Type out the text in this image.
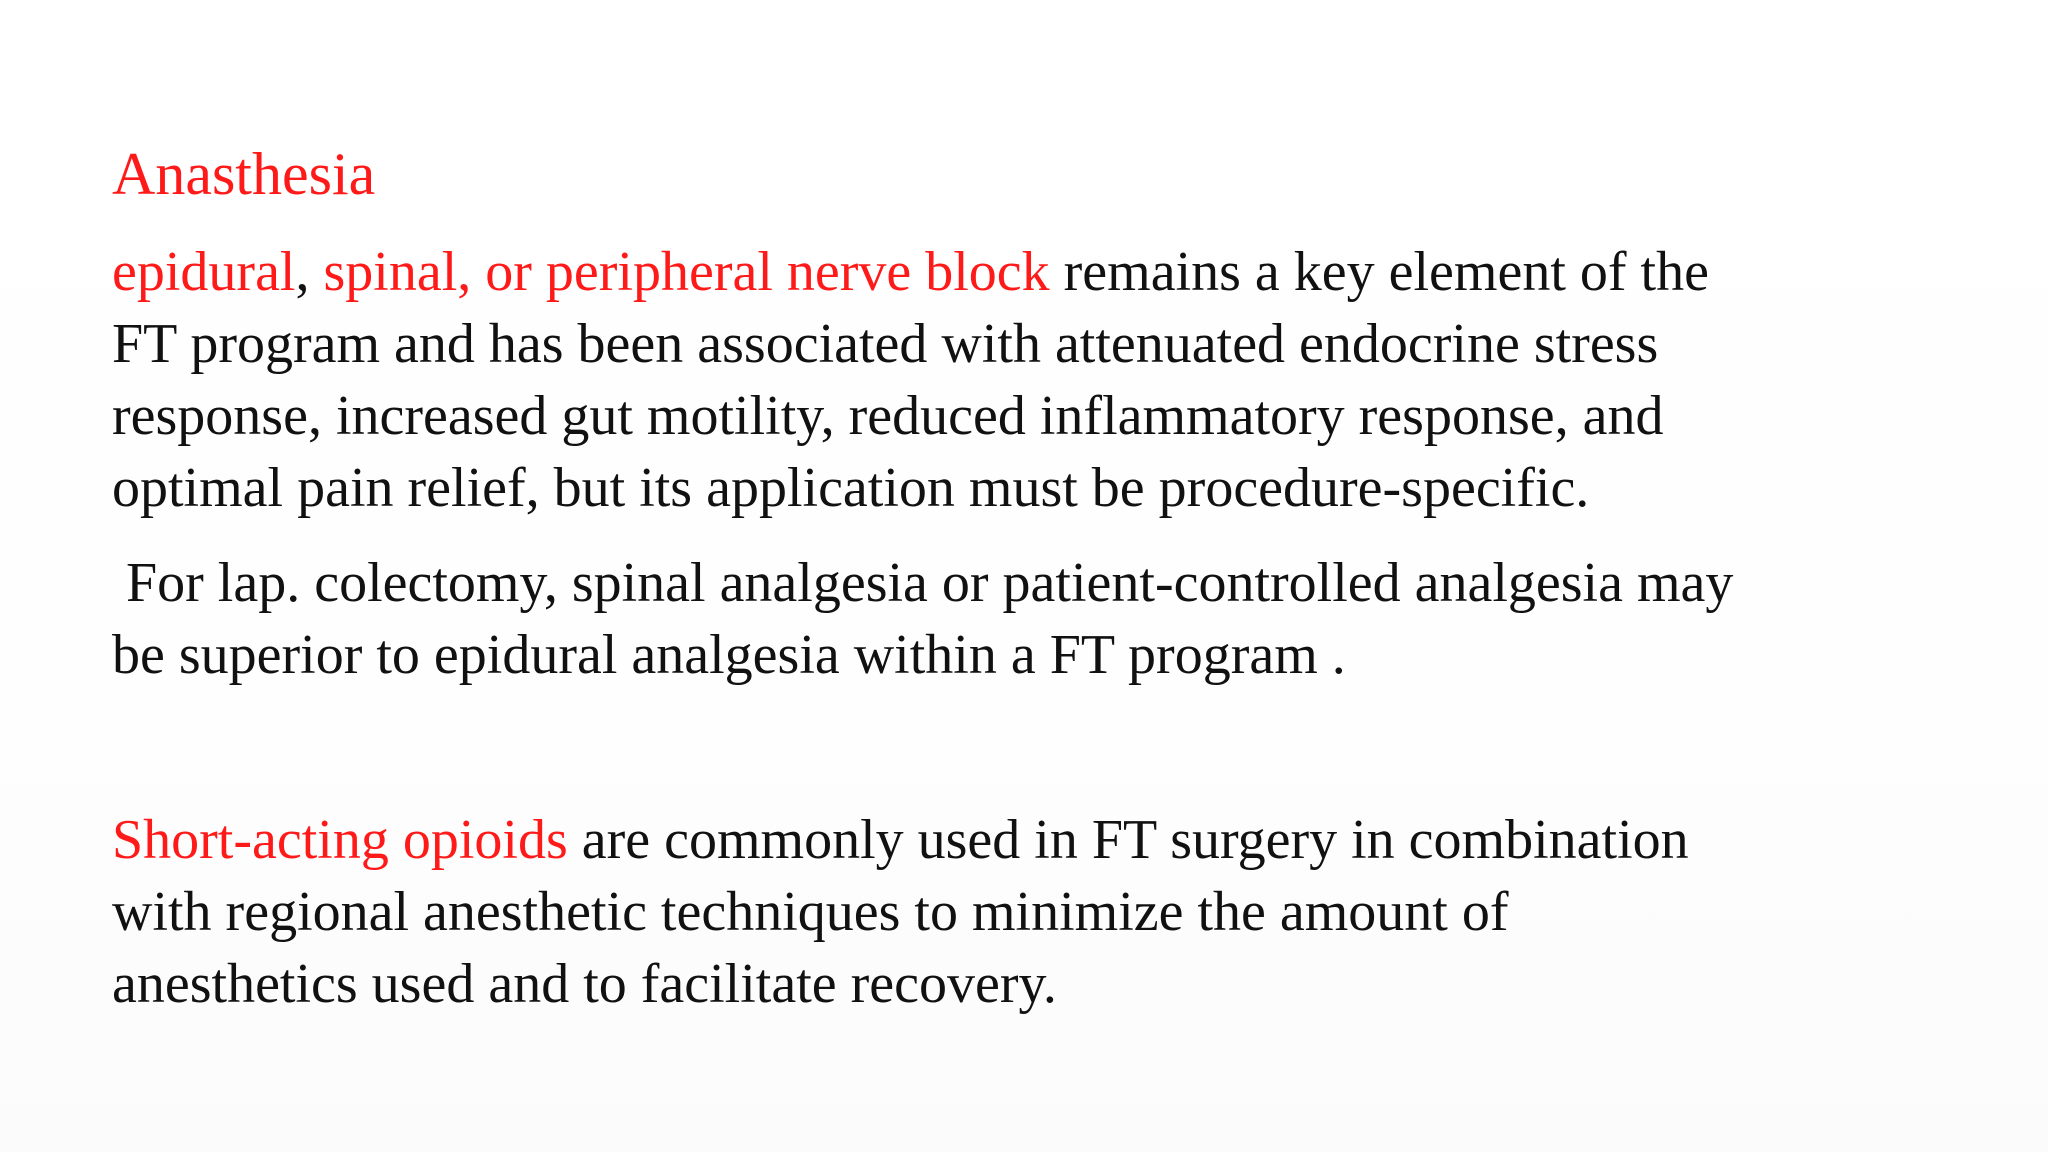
Anasthesia

epidural, spinal, or peripheral nerve block remains a key element of the
FT program and has been associated with attenuated endocrine stress
response, increased gut motility, reduced inflammatory response, and
optimal pain relief, but its application must be procedure-specific.

For lap. colectomy, spinal analgesia or patient-controlled analgesia may
be superior to epidural analgesia within a FT program .

Short-acting opioids are commonly used in FT surgery in combination
with regional anesthetic techniques to minimize the amount of
anesthetics used and to facilitate recovery.
